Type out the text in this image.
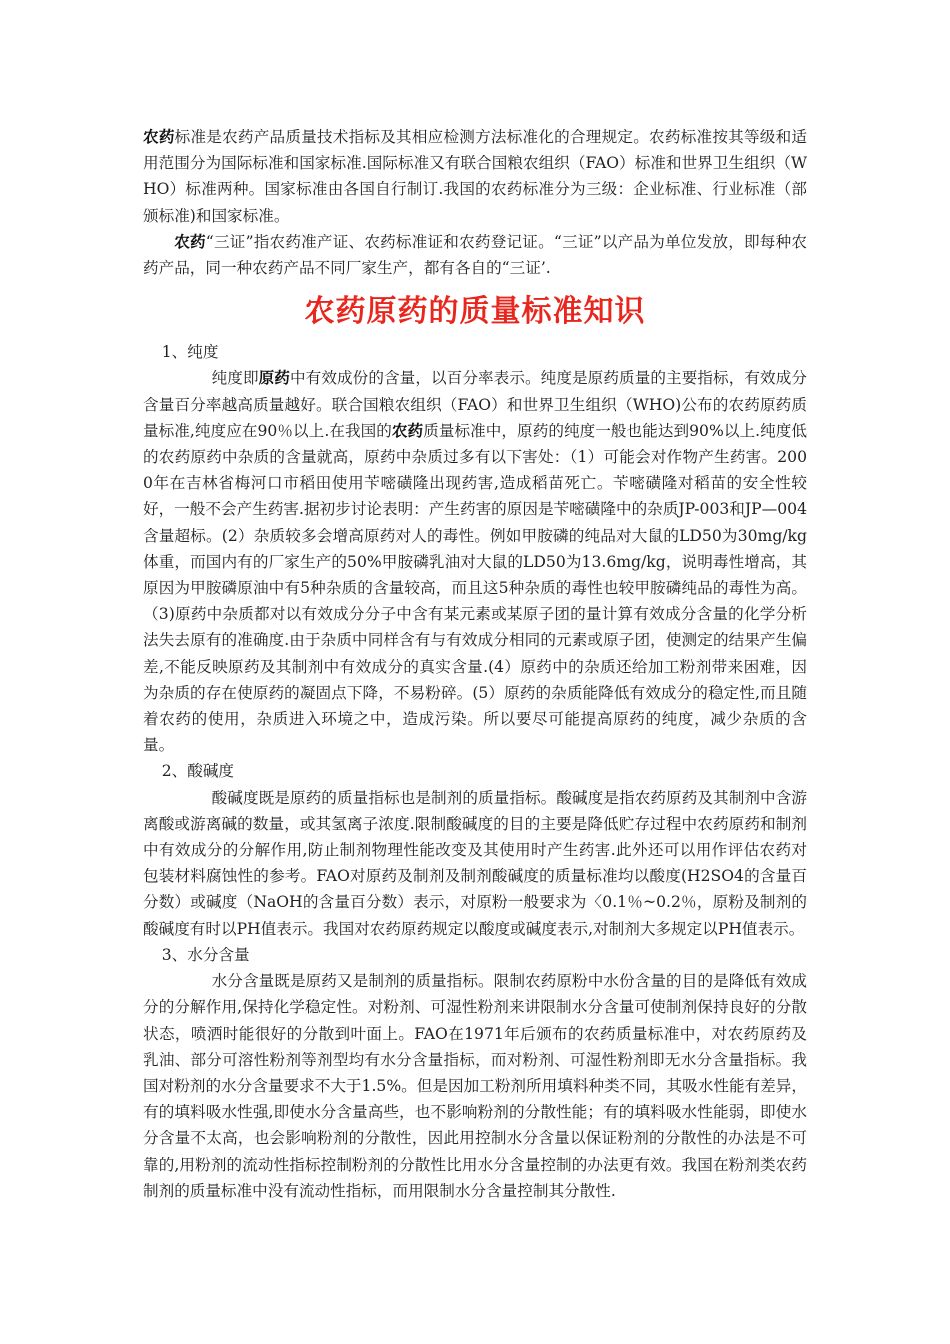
农药标准是农药产品质量技术指标及其相应检测方法标准化的合理规定。农药标准按其等级和适用范围分为国际标准和国家标准.国际标准又有联合国粮农组织（FAO）标准和世界卫生组织（WHO）标准两种。国家标准由各国自行制订.我国的农药标准分为三级：企业标准、行业标准（部颁标准)和国家标准。

农药“三证”指农药准产证、农药标准证和农药登记证。“三证”以产品为单位发放，即每种农药产品，同一种农药产品不同厂家生产，都有各自的“三证’.

农药原药的质量标准知识
1、纯度

纯度即原药中有效成份的含量，以百分率表示。纯度是原药质量的主要指标，有效成分含量百分率越高质量越好。联合国粮农组织（FAO）和世界卫生组织（WHO)公布的农药原药质量标准,纯度应在90％以上.在我国的农药质量标准中，原药的纯度一般也能达到90%以上.纯度低的农药原药中杂质的含量就高，原药中杂质过多有以下害处：（1）可能会对作物产生药害。2000年在吉林省梅河口市稻田使用苄嘧磺隆出现药害,造成稻苗死亡。苄嘧磺隆对稻苗的安全性较好，一般不会产生药害.据初步讨论表明：产生药害的原因是苄嘧磺隆中的杂质JP-003和JP—004含量超标。(2）杂质较多会增高原药对人的毒性。例如甲胺磷的纯品对大鼠的LD50为30mg/kg体重，而国内有的厂家生产的50%甲胺磷乳油对大鼠的LD50为13.6mg/kg，说明毒性增高，其原因为甲胺磷原油中有5种杂质的含量较高，而且这5种杂质的毒性也较甲胺磷纯品的毒性为高。（3)原药中杂质都对以有效成分分子中含有某元素或某原子团的量计算有效成分含量的化学分析法失去原有的准确度.由于杂质中同样含有与有效成分相同的元素或原子团，使测定的结果产生偏差,不能反映原药及其制剂中有效成分的真实含量.(4）原药中的杂质还给加工粉剂带来困难，因为杂质的存在使原药的凝固点下降，不易粉碎。(5）原药的杂质能降低有效成分的稳定性,而且随着农药的使用，杂质进入环境之中，造成污染。所以要尽可能提高原药的纯度，减少杂质的含量。

2、酸碱度

酸碱度既是原药的质量指标也是制剂的质量指标。酸碱度是指农药原药及其制剂中含游离酸或游离碱的数量，或其氢离子浓度.限制酸碱度的目的主要是降低贮存过程中农药原药和制剂中有效成分的分解作用,防止制剂物理性能改变及其使用时产生药害.此外还可以用作评估农药对包装材料腐蚀性的参考。FAO对原药及制剂及制剂酸碱度的质量标准均以酸度(H2SO4的含量百分数）或碱度（NaOH的含量百分数）表示，对原粉一般要求为〈0.1％~0.2％，原粉及制剂的酸碱度有时以PH值表示。我国对农药原药规定以酸度或碱度表示,对制剂大多规定以PH值表示。

3、水分含量

水分含量既是原药又是制剂的质量指标。限制农药原粉中水份含量的目的是降低有效成分的分解作用,保持化学稳定性。对粉剂、可湿性粉剂来讲限制水分含量可使制剂保持良好的分散状态，喷洒时能很好的分散到叶面上。FAO在1971年后颁布的农药质量标准中，对农药原药及乳油、部分可溶性粉剂等剂型均有水分含量指标，而对粉剂、可湿性粉剂即无水分含量指标。我国对粉剂的水分含量要求不大于1.5%。但是因加工粉剂所用填料种类不同，其吸水性能有差异，有的填料吸水性强,即使水分含量高些，也不影响粉剂的分散性能；有的填料吸水性能弱，即使水分含量不太高，也会影响粉剂的分散性，因此用控制水分含量以保证粉剂的分散性的办法是不可靠的,用粉剂的流动性指标控制粉剂的分散性比用水分含量控制的办法更有效。我国在粉剂类农药制剂的质量标准中没有流动性指标，而用限制水分含量控制其分散性.
